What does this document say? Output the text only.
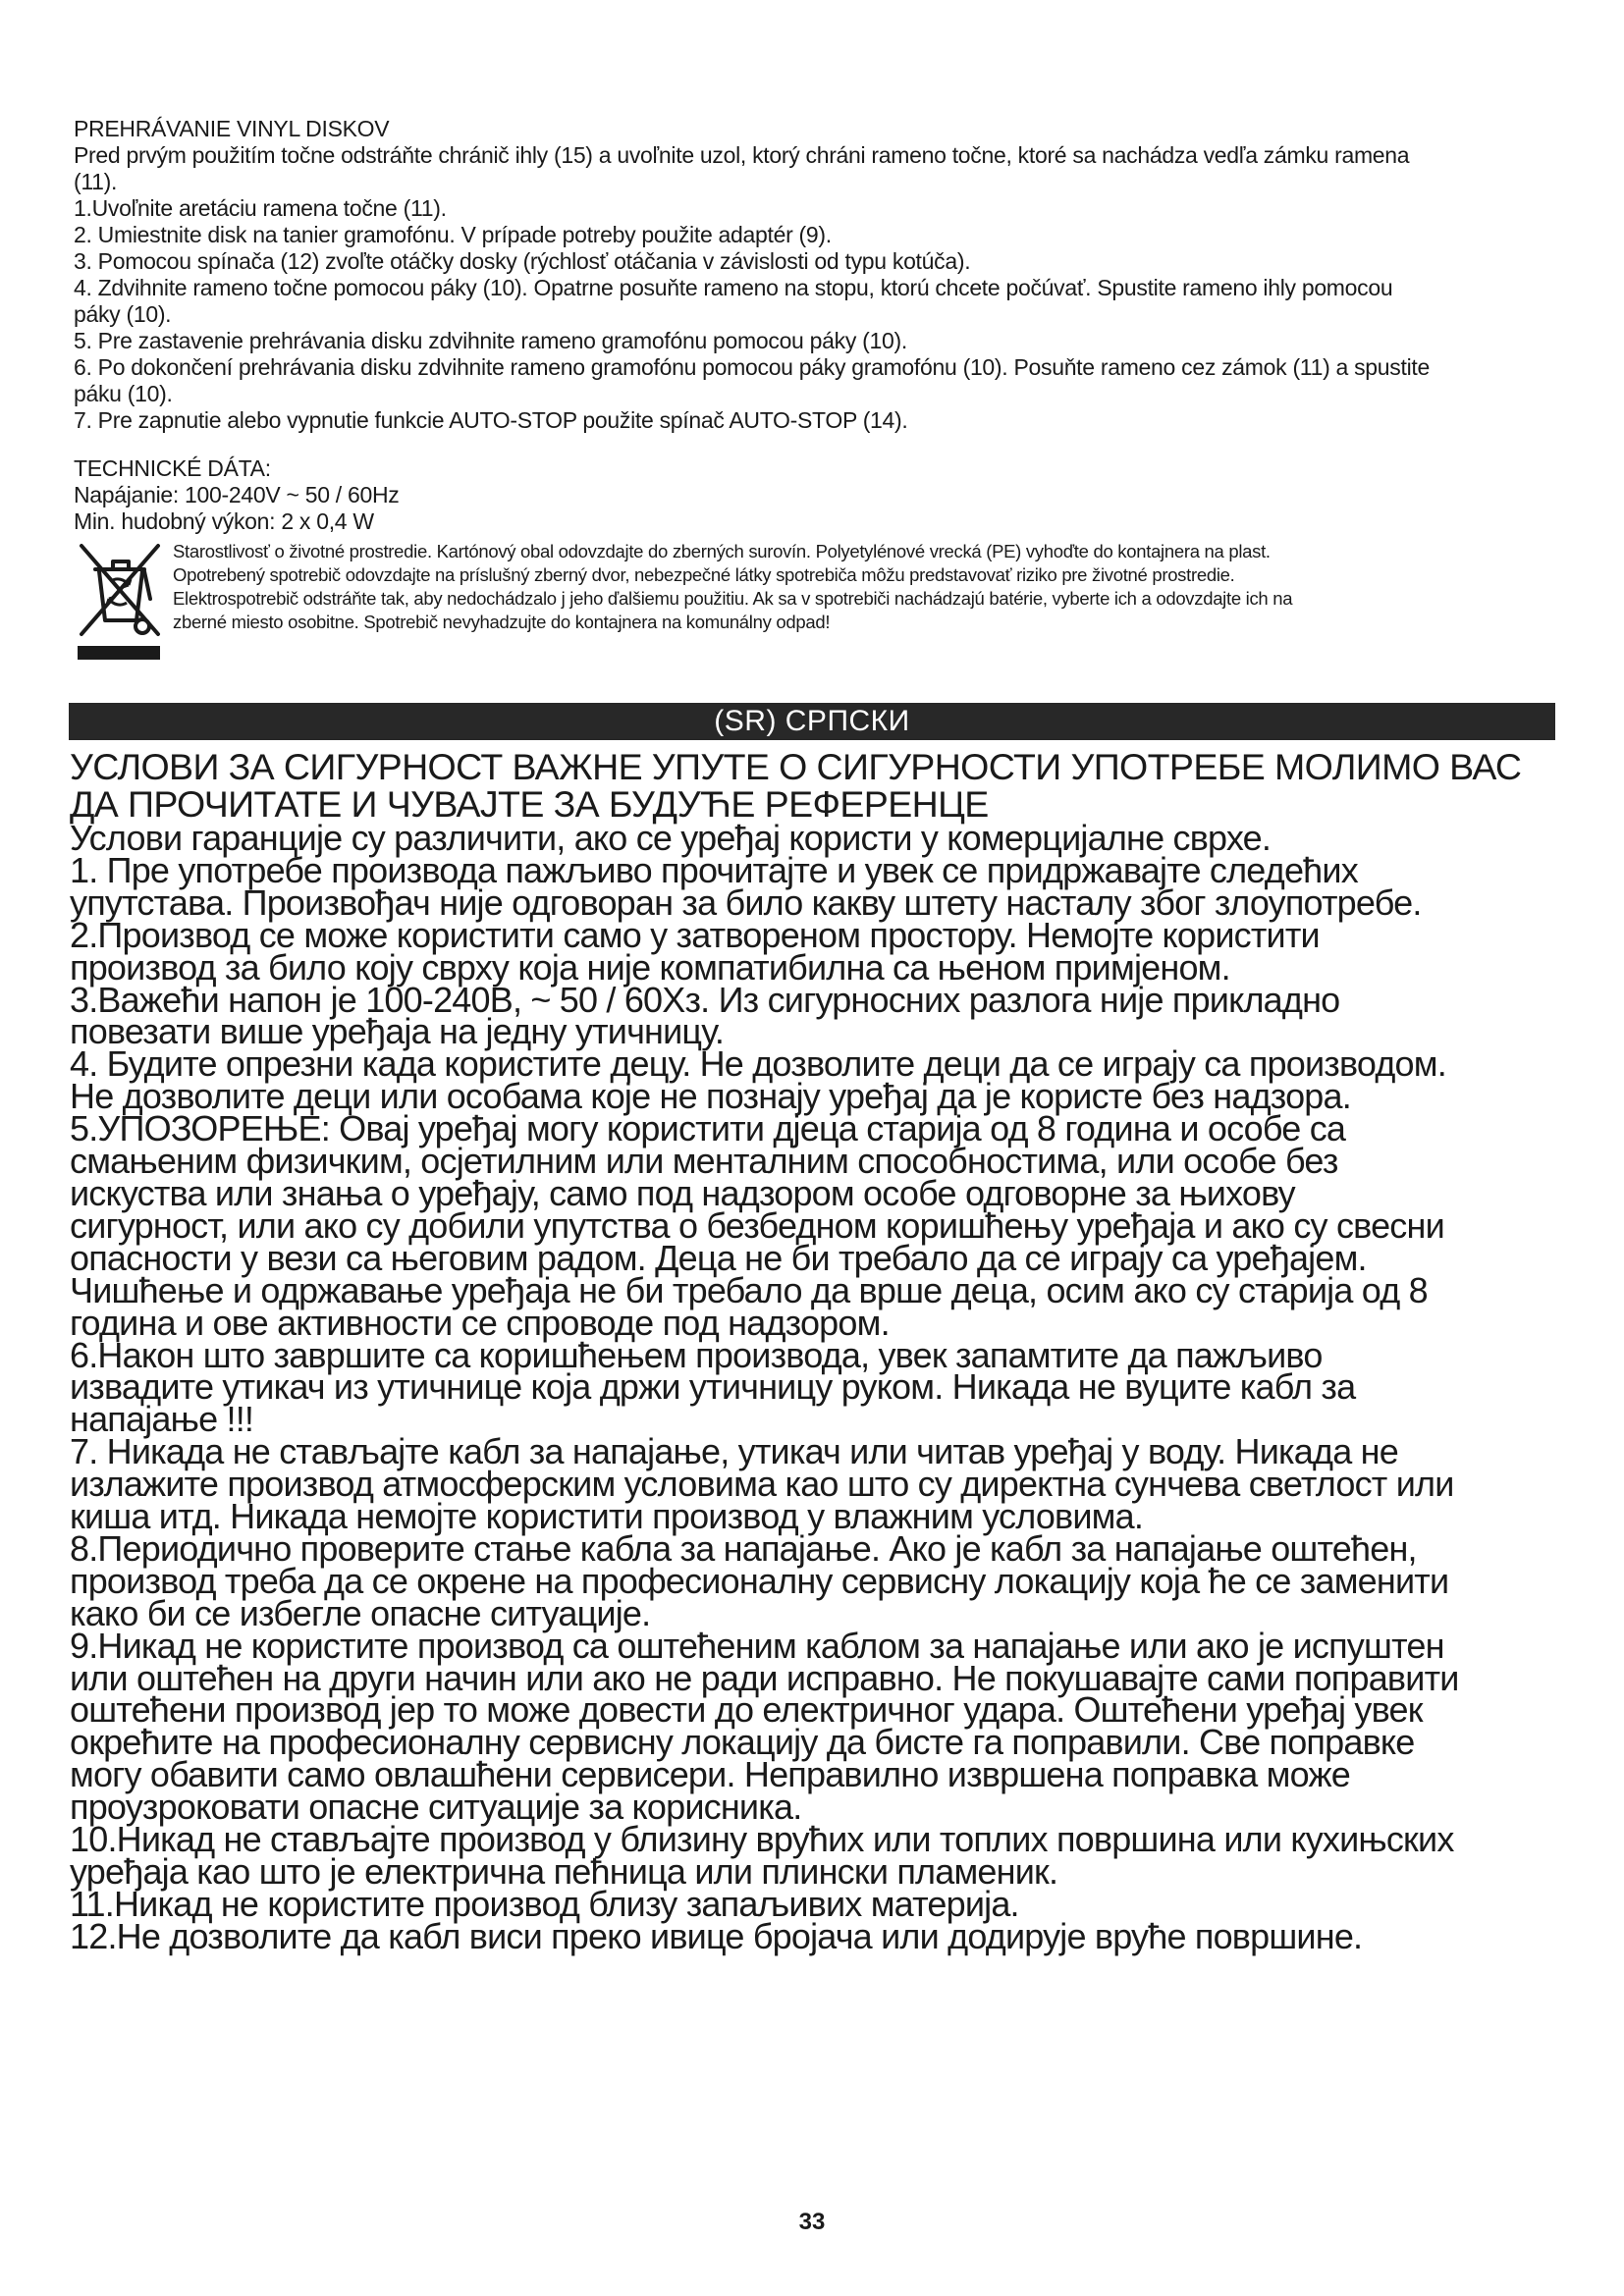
PREHRÁVANIE VINYL DISKOV
Pred prvým použitím točne odstráňte chránič ihly (15) a uvoľnite uzol, ktorý chráni rameno točne, ktoré sa nachádza vedľa zámku ramena
(11).
1.Uvoľnite aretáciu ramena točne (11).
2. Umiestnite disk na tanier gramofónu. V prípade potreby použite adaptér (9).
3. Pomocou spínača (12) zvoľte otáčky dosky (rýchlosť otáčania v závislosti od typu kotúča).
4. Zdvihnite rameno točne pomocou páky (10). Opatrne posuňte rameno na stopu, ktorú chcete počúvať. Spustite rameno ihly pomocou
páky (10).
5. Pre zastavenie prehrávania disku zdvihnite rameno gramofónu pomocou páky (10).
6. Po dokončení prehrávania disku zdvihnite rameno gramofónu pomocou páky gramofónu (10). Posuňte rameno cez zámok (11) a spustite
páku (10).
7. Pre zapnutie alebo vypnutie funkcie AUTO-STOP použite spínač AUTO-STOP (14).
TECHNICKÉ DÁTA:
Napájanie: 100-240V ~ 50 / 60Hz
Min. hudobný výkon: 2 x 0,4 W
Starostlivosť o životné prostredie. Kartónový obal odovzdajte do zberných surovín. Polyetylénové vrecká (PE) vyhoďte do kontajnera na plast.
Opotrebený spotrebič odovzdajte na príslušný zberný dvor, nebezpečné látky spotrebiča môžu predstavovať riziko pre životné prostredie.
Elektrospotrebič odstráňte tak, aby nedochádzalo j jeho ďalšiemu použitiu. Ak sa v spotrebiči nachádzajú batérie, vyberte ich a odovzdajte ich na
zberné miesto osobitne. Spotrebič nevyhadzujte do kontajnera na komunálny odpad!
(SR) СРПСКИ
УСЛОВИ ЗА СИГУРНОСТ ВАЖНЕ УПУТЕ О СИГУРНОСТИ УПОТРЕБЕ МОЛИМО ВАС
ДА ПРОЧИТАТЕ И ЧУВАЈТЕ ЗА БУДУЋЕ РЕФЕРЕНЦЕ
Услови гаранције су различити, ако се уређај користи у комерцијалне сврхе.
1. Пре употребе производа пажљиво прочитајте и увек се придржавајте следећих
упутстава. Произвођач није одговоран за било какву штету насталу због злоупотребе.
2.Производ се може користити само у затвореном простору. Немојте користити
производ за било коју сврху која није компатибилна са њеном примјеном.
3.Важећи напон је 100-240В, ~ 50 / 60Хз. Из сигурносних разлога није прикладно
повезати више уређаја на једну утичницу.
4. Будите опрезни када користите децу. Не дозволите деци да се играју са производом.
Не дозволите деци или особама које не познају уређај да је користе без надзора.
5.УПОЗОРЕЊЕ: Овај уређај могу користити дјеца старија од 8 година и особе са
смањеним физичким, осјетилним или менталним способностима, или особе без
искуства или знања о уређају, само под надзором особе одговорне за њихову
сигурност, или ако су добили упутства о безбедном коришћењу уређаја и ако су свесни
опасности у вези са његовим радом. Деца не би требало да се играју са уређајем.
Чишћење и одржавање уређаја не би требало да врше деца, осим ако су старија од 8
година и ове активности се спроводе под надзором.
6.Након што завршите са коришћењем производа, увек запамтите да пажљиво
извадите утикач из утичнице која држи утичницу руком. Никада не вуците кабл за
напајање !!!
7. Никада не стављајте кабл за напајање, утикач или читав уређај у воду. Никада не
излажите производ атмосферским условима као што су директна сунчева светлост или
киша итд. Никада немојте користити производ у влажним условима.
8.Периодично проверите стање кабла за напајање. Ако је кабл за напајање оштећен,
производ треба да се окрене на професионалну сервисну локацију која ће се заменити
како би се избегле опасне ситуације.
9.Никад не користите производ са оштећеним каблом за напајање или ако је испуштен
или оштећен на други начин или ако не ради исправно. Не покушавајте сами поправити
оштећени производ јер то може довести до електричног удара. Оштећени уређај увек
окрећите на професионалну сервисну локацију да бисте га поправили. Све поправке
могу обавити само овлашћени сервисери. Неправилно извршена поправка може
проузроковати опасне ситуације за корисника.
10.Никад не стављајте производ у близину врућих или топлих површина или кухињских
уређаја као што је електрична пећница или плински пламеник.
11.Никад не користите производ близу запаљивих материја.
12.Не дозволите да кабл виси преко ивице бројача или додирује вруће површине.
33
